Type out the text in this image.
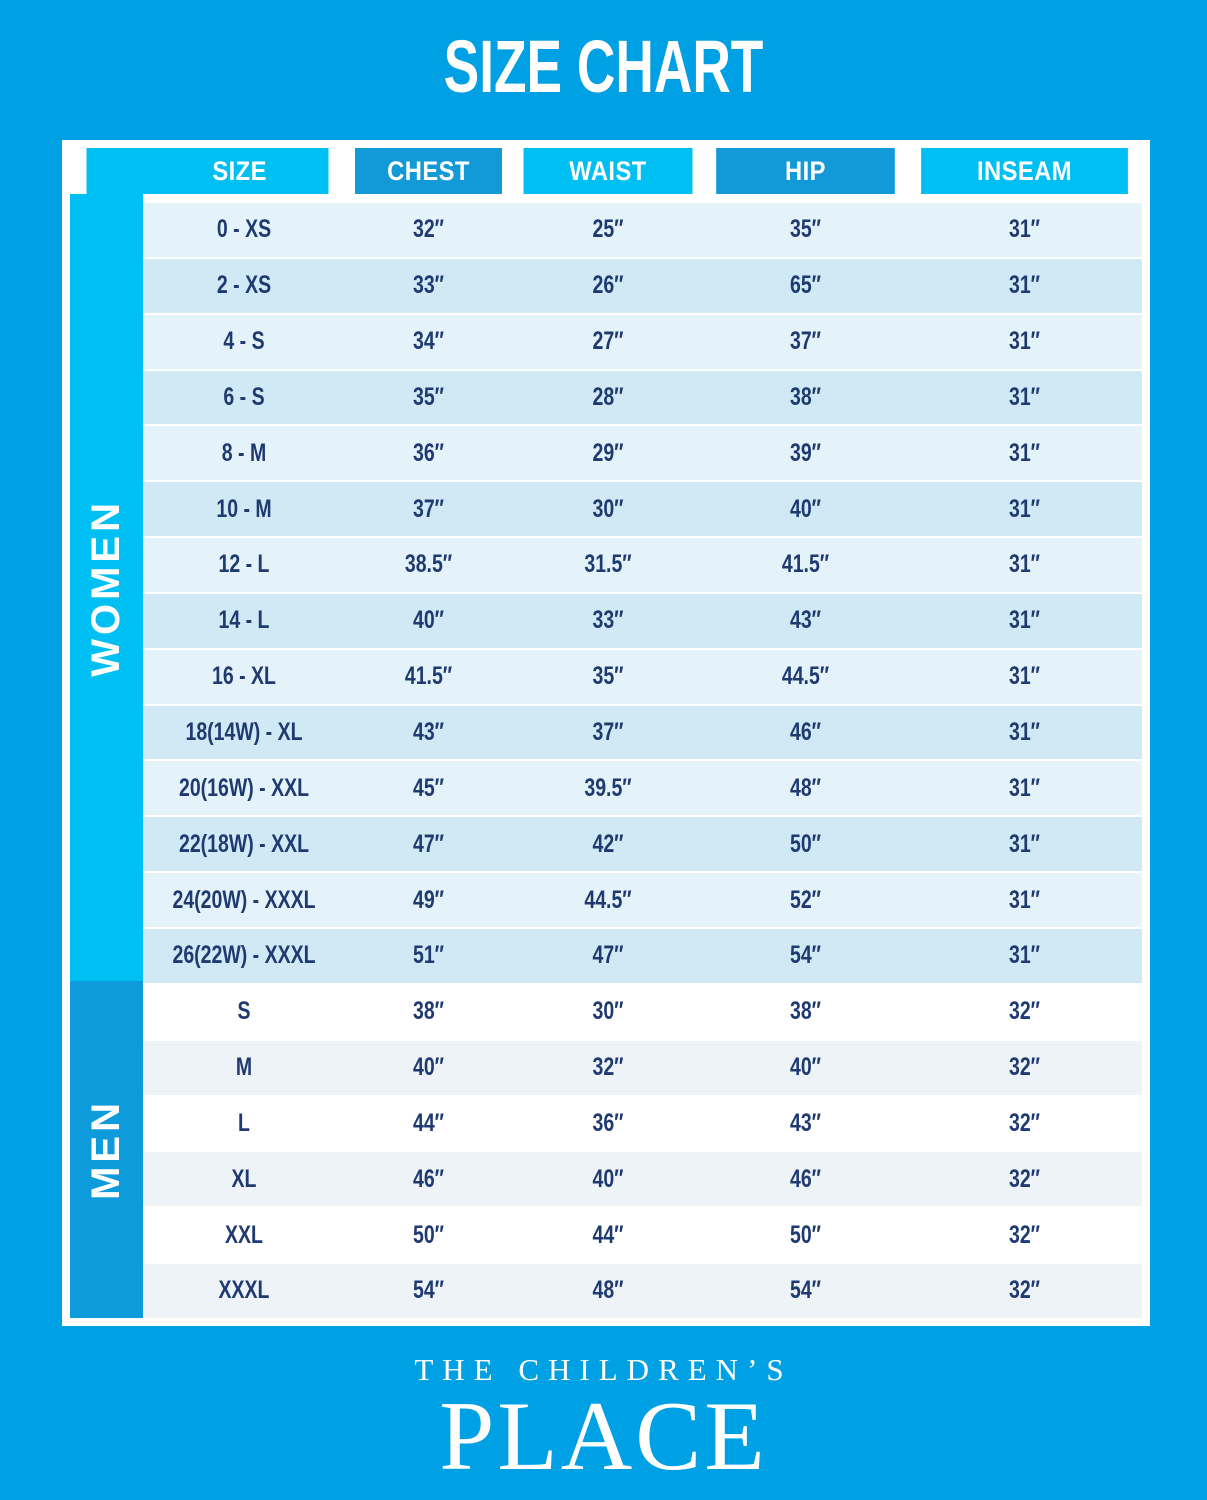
SIZE CHART
SIZE	CHEST	WAIST	HIP	INSEAM
WOMEN
MEN
0 - XS	32″	25″	35″	31″
2 - XS	33″	26″	65″	31″
4 - S	34″	27″	37″	31″
6 - S	35″	28″	38″	31″
8 - M	36″	29″	39″	31″
10 - M	37″	30″	40″	31″
12 - L	38.5″	31.5″	41.5″	31″
14 - L	40″	33″	43″	31″
16 - XL	41.5″	35″	44.5″	31″
18(14W) - XL	43″	37″	46″	31″
20(16W) - XXL	45″	39.5″	48″	31″
22(18W) - XXL	47″	42″	50″	31″
24(20W) - XXXL	49″	44.5″	52″	31″
26(22W) - XXXL	51″	47″	54″	31″
S	38″	30″	38″	32″
M	40″	32″	40″	32″
L	44″	36″	43″	32″
XL	46″	40″	46″	32″
XXL	50″	44″	50″	32″
XXXL	54″	48″	54″	32″
THE CHILDREN’S
PLACE
